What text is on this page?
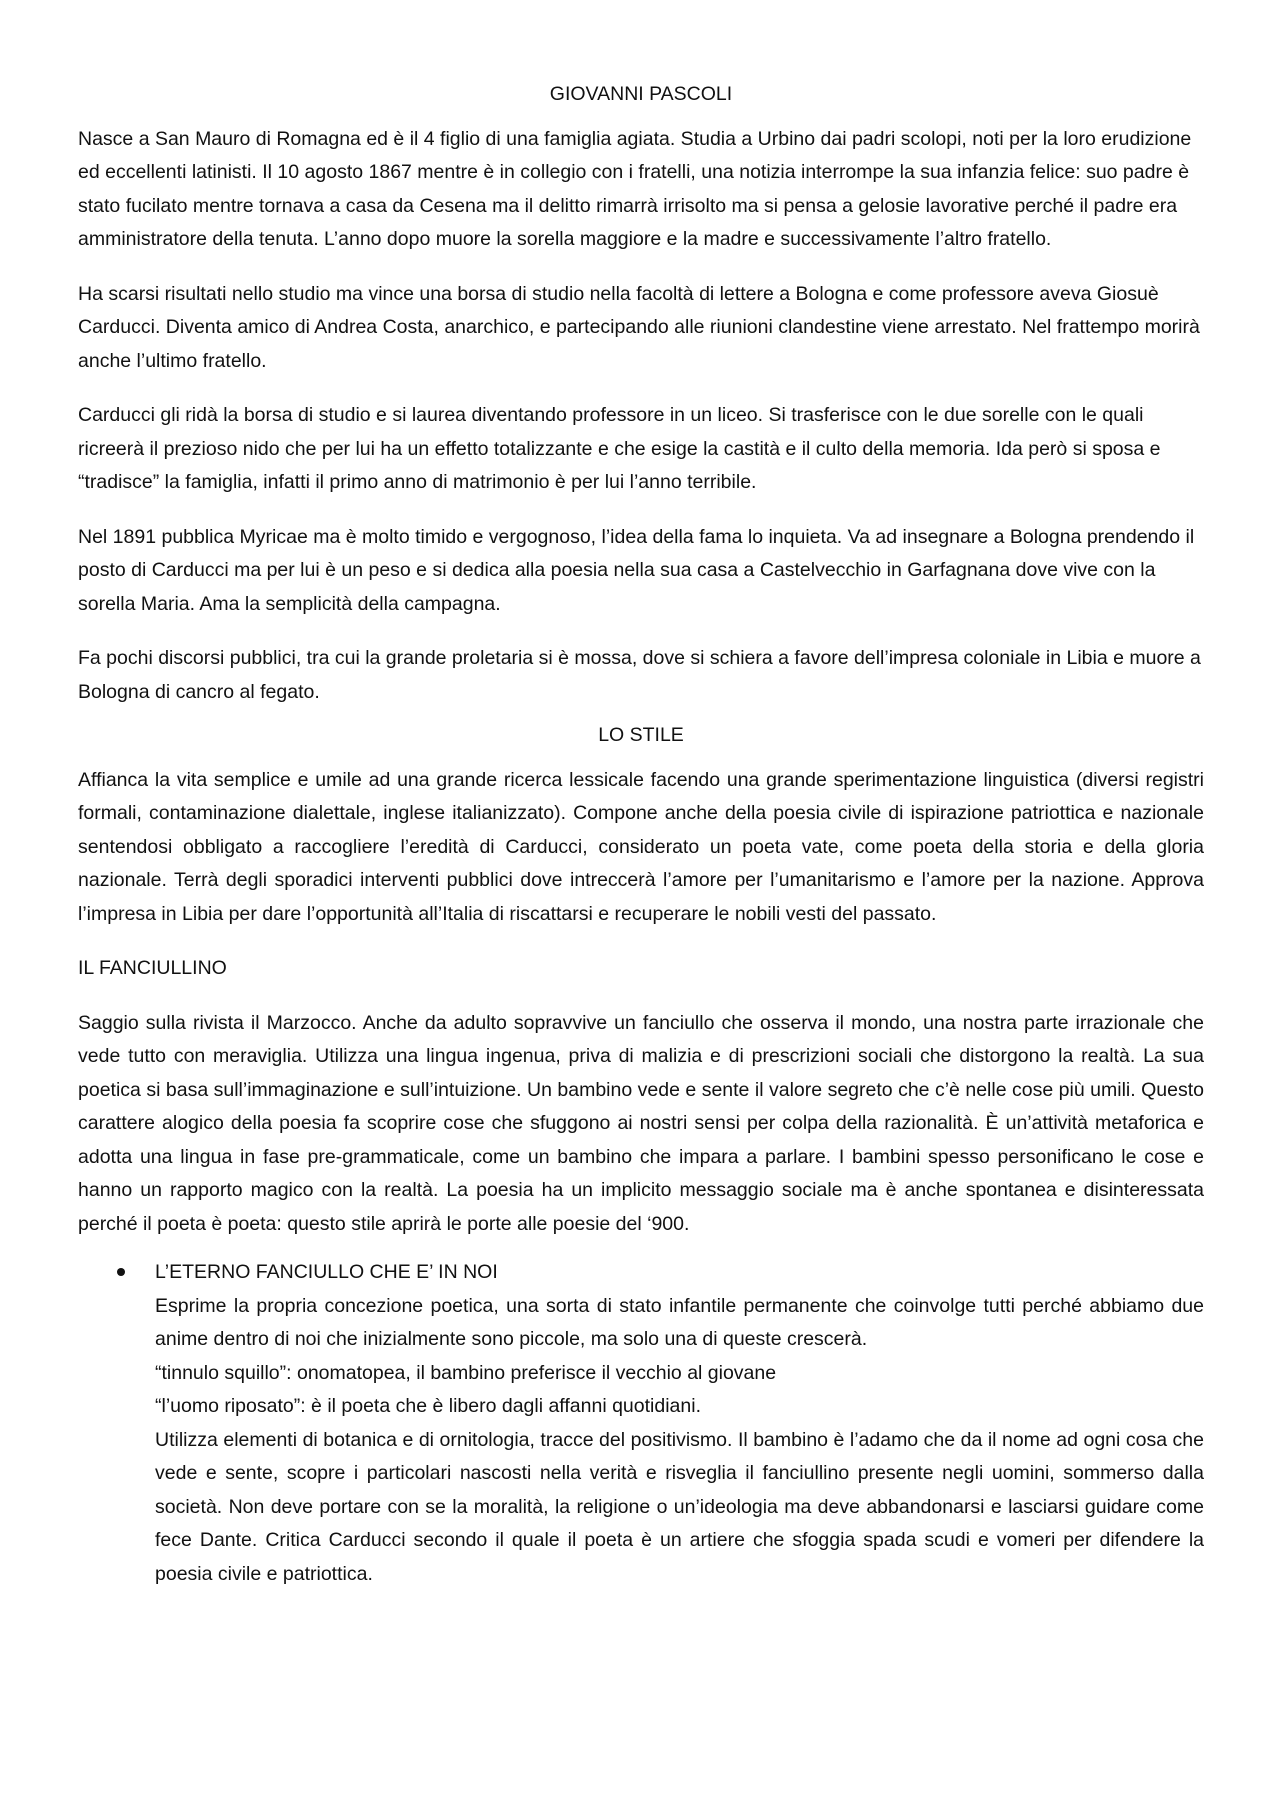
GIOVANNI PASCOLI

Nasce a San Mauro di Romagna ed è il 4 figlio di una famiglia agiata. Studia a Urbino dai padri scolopi, noti per la loro erudizione ed eccellenti latinisti. Il 10 agosto 1867 mentre è in collegio con i fratelli, una notizia interrompe la sua infanzia felice: suo padre è stato fucilato mentre tornava a casa da Cesena ma il delitto rimarrà irrisolto ma si pensa a gelosie lavorative perché il padre era amministratore della tenuta. L’anno dopo muore la sorella maggiore e la madre e successivamente l’altro fratello.

Ha scarsi risultati nello studio ma vince una borsa di studio nella facoltà di lettere a Bologna e come professore aveva Giosuè Carducci. Diventa amico di Andrea Costa, anarchico, e partecipando alle riunioni clandestine viene arrestato. Nel frattempo morirà anche l’ultimo fratello.

Carducci gli ridà la borsa di studio e si laurea diventando professore in un liceo. Si trasferisce con le due sorelle con le quali ricreerà il prezioso nido che per lui ha un effetto totalizzante e che esige la castità e il culto della memoria. Ida però si sposa e “tradisce” la famiglia, infatti il primo anno di matrimonio è per lui l’anno terribile.

Nel 1891 pubblica Myricae ma è molto timido e vergognoso, l’idea della fama lo inquieta. Va ad insegnare a Bologna prendendo il posto di Carducci ma per lui è un peso e si dedica alla poesia nella sua casa a Castelvecchio in Garfagnana dove vive con la sorella Maria. Ama la semplicità della campagna.

Fa pochi discorsi pubblici, tra cui la grande proletaria si è mossa, dove si schiera a favore dell’impresa coloniale in Libia e muore a Bologna di cancro al fegato.

LO STILE

Affianca la vita semplice e umile ad una grande ricerca lessicale facendo una grande sperimentazione linguistica (diversi registri formali, contaminazione dialettale, inglese italianizzato). Compone anche della poesia civile di ispirazione patriottica e nazionale sentendosi obbligato a raccogliere l’eredità di Carducci, considerato un poeta vate, come poeta della storia e della gloria nazionale. Terrà degli sporadici interventi pubblici dove intreccerà l’amore per l’umanitarismo e l’amore per la nazione. Approva l’impresa in Libia per dare l’opportunità all’Italia di riscattarsi e recuperare le nobili vesti del passato.

IL FANCIULLINO

Saggio sulla rivista il Marzocco. Anche da adulto sopravvive un fanciullo che osserva il mondo, una nostra parte irrazionale che vede tutto con meraviglia. Utilizza una lingua ingenua, priva di malizia e di prescrizioni sociali che distorgono la realtà. La sua poetica si basa sull’immaginazione e sull’intuizione. Un bambino vede e sente il valore segreto che c’è nelle cose più umili. Questo carattere alogico della poesia fa scoprire cose che sfuggono ai nostri sensi per colpa della razionalità. È un’attività metaforica e adotta una lingua in fase pre-grammaticale, come un bambino che impara a parlare. I bambini spesso personificano le cose e hanno un rapporto magico con la realtà. La poesia ha un implicito messaggio sociale ma è anche spontanea e disinteressata perché il poeta è poeta: questo stile aprirà le porte alle poesie del ‘900.

L’ETERNO FANCIULLO CHE E’ IN NOI
Esprime la propria concezione poetica, una sorta di stato infantile permanente che coinvolge tutti perché abbiamo due anime dentro di noi che inizialmente sono piccole, ma solo una di queste crescerà.
“tinnulo squillo”: onomatopea, il bambino preferisce il vecchio al giovane
“l’uomo riposato”: è il poeta che è libero dagli affanni quotidiani.
Utilizza elementi di botanica e di ornitologia, tracce del positivismo. Il bambino è l’adamo che da il nome ad ogni cosa che vede e sente, scopre i particolari nascosti nella verità e risveglia il fanciullino presente negli uomini, sommerso dalla società. Non deve portare con se la moralità, la religione o un’ideologia ma deve abbandonarsi e lasciarsi guidare come fece Dante. Critica Carducci secondo il quale il poeta è un artiere che sfoggia spada scudi e vomeri per difendere la poesia civile e patriottica.
